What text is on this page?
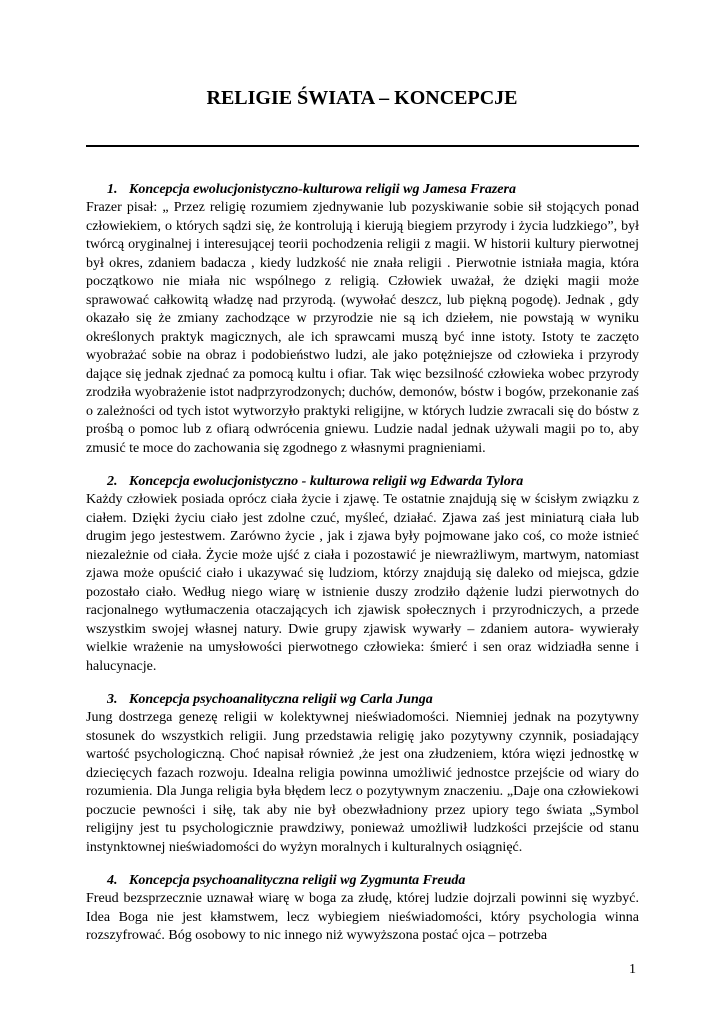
RELIGIE ŚWIATA – KONCEPCJE
1. Koncepcja ewolucjonistyczno-kulturowa religii wg Jamesa Frazera

Frazer pisał: „ Przez religię rozumiem zjednywanie lub pozyskiwanie sobie sił stojących ponad człowiekiem, o których sądzi się, że kontrolują i kierują biegiem przyrody i życia ludzkiego”, był twórcą oryginalnej i interesującej teorii pochodzenia religii z magii. W historii kultury pierwotnej był okres, zdaniem badacza , kiedy ludzkość nie znała religii . Pierwotnie istniała magia, która początkowo nie miała nic wspólnego z religią. Człowiek uważał, że dzięki magii może sprawować całkowitą władzę nad przyrodą. (wywołać deszcz, lub piękną pogodę). Jednak , gdy okazało się że zmiany zachodzące w przyrodzie nie są ich dziełem, nie powstają w wyniku określonych praktyk magicznych, ale ich sprawcami muszą być inne istoty. Istoty te zaczęto wyobrażać sobie na obraz i podobieństwo ludzi, ale jako potężniejsze od człowieka i przyrody dające się jednak zjednać za pomocą kultu i ofiar. Tak więc bezsilność człowieka wobec przyrody zrodziła wyobrażenie istot nadprzyrodzonych; duchów, demonów, bóstw i bogów, przekonanie zaś o zależności od tych istot wytworzyło praktyki religijne, w których ludzie zwracali się do bóstw z prośbą o pomoc lub z ofiarą odwrócenia gniewu. Ludzie nadal jednak używali magii po to, aby zmusić te moce do zachowania się zgodnego z własnymi pragnieniami.

2. Koncepcja ewolucjonistyczno - kulturowa religii wg Edwarda Tylora

Każdy człowiek posiada oprócz ciała życie i zjawę. Te ostatnie znajdują się w ścisłym związku z ciałem. Dzięki życiu ciało jest zdolne czuć, myśleć, działać. Zjawa zaś jest miniaturą ciała lub drugim jego jestestwem. Zarówno życie , jak i zjawa były pojmowane jako coś, co może istnieć niezależnie od ciała. Życie może ujść z ciała i pozostawić je niewrażliwym, martwym, natomiast zjawa może opuścić ciało i ukazywać się ludziom, którzy znajdują się daleko od miejsca, gdzie pozostało ciało. Według niego wiarę w istnienie duszy zrodziło dążenie ludzi pierwotnych do racjonalnego wytłumaczenia otaczających ich zjawisk społecznych i przyrodniczych, a przede wszystkim swojej własnej natury. Dwie grupy zjawisk wywarły – zdaniem autora- wywierały wielkie wrażenie na umysłowości pierwotnego człowieka: śmierć i sen oraz widziadła senne i halucynacje.

3. Koncepcja psychoanalityczna religii wg Carla Junga

Jung dostrzega genezę religii w kolektywnej nieświadomości. Niemniej jednak na pozytywny stosunek do wszystkich religii. Jung przedstawia religię jako pozytywny czynnik, posiadający wartość psychologiczną. Choć napisał również ,że jest ona złudzeniem, która więzi jednostkę w dziecięcych fazach rozwoju. Idealna religia powinna umożliwić jednostce przejście od wiary do rozumienia. Dla Junga religia była błędem lecz o pozytywnym znaczeniu. „Daje ona człowiekowi poczucie pewności i siłę, tak aby nie był obezwładniony przez upiory tego świata „Symbol religijny jest tu psychologicznie prawdziwy, ponieważ umożliwił ludzkości przejście od stanu instynktownej nieświadomości do wyżyn moralnych i kulturalnych osiągnięć.

4. Koncepcja psychoanalityczna religii wg Zygmunta Freuda

Freud bezsprzecznie uznawał wiarę w boga za złudę, której ludzie dojrzali powinni się wyzbyć. Idea Boga nie jest kłamstwem, lecz wybiegiem nieświadomości, który psychologia winna rozszyfrować. Bóg osobowy to nic innego niż wywyższona postać ojca – potrzeba

1
